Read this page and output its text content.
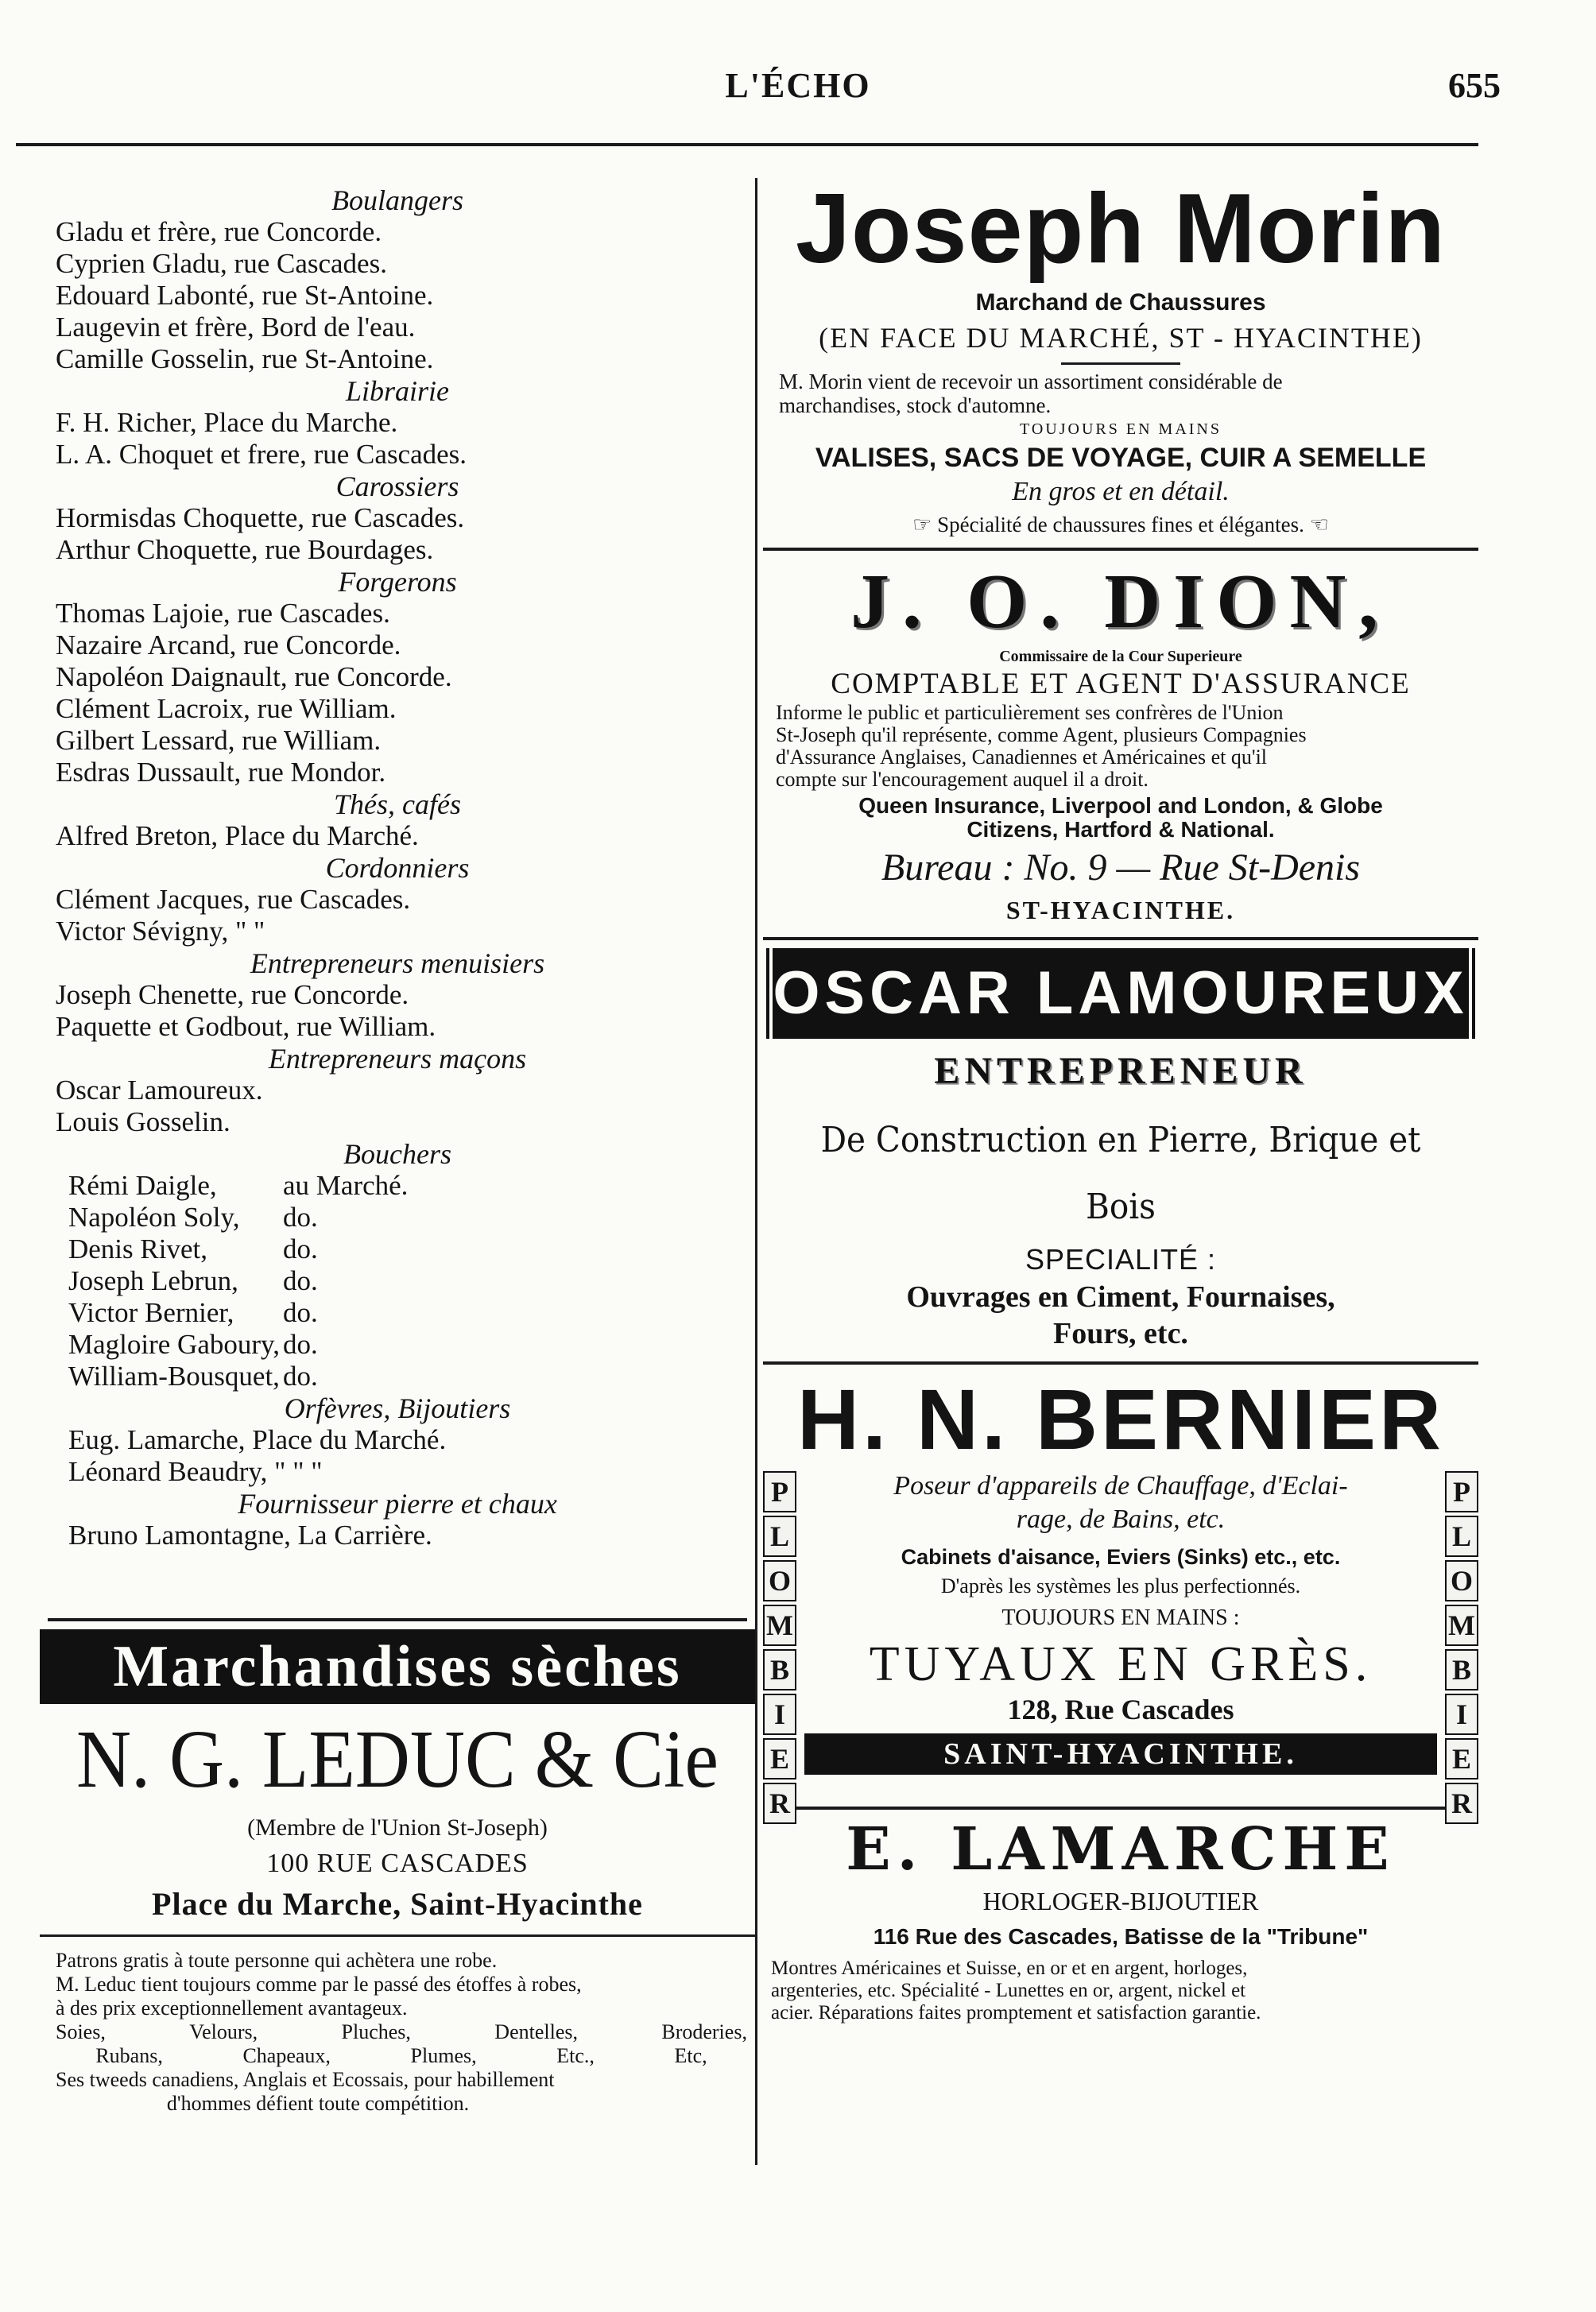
L'ÉCHO	655
Boulangers
Gladu et frère, rue Concorde.
Cyprien Gladu, rue Cascades.
Edouard Labonté, rue St-Antoine.
Laugevin et frère, Bord de l'eau.
Camille Gosselin, rue St-Antoine.
Librairie
F. H. Richer, Place du Marche.
L. A. Choquet et frere, rue Cascades.
Carossiers
Hormisdas Choquette, rue Cascades.
Arthur Choquette, rue Bourdages.
Forgerons
Thomas Lajoie, rue Cascades.
Nazaire Arcand, rue Concorde.
Napoléon Daignault, rue Concorde.
Clément Lacroix, rue William.
Gilbert Lessard, rue William.
Esdras Dussault, rue Mondor.
Thés, cafés
Alfred Breton, Place du Marché.
Cordonniers
Clément Jacques, rue Cascades.
Victor Sévigny, " "
Entrepreneurs menuisiers
Joseph Chenette, rue Concorde.
Paquette et Godbout, rue William.
Entrepreneurs maçons
Oscar Lamoureux.
Louis Gosselin.
Bouchers
Rémi Daigle, au Marché.
Napoléon Soly, do.
Denis Rivet,	do.
Joseph Lebrun, do.
Victor Bernier, do.
Magloire Gaboury, do.
William-Bousquet, do.
Orfèvres, Bijoutiers
Eug. Lamarche, Place du Marché.
Léonard Beaudry, " " "
Fournisseur pierre et chaux
Bruno Lamontagne, La Carrière.
Marchandises sèches
N. G. LEDUC & Cie
(Membre de l'Union St-Joseph)
100 RUE CASCADES
Place du Marche, Saint-Hyacinthe
Patrons gratis à toute personne qui achètera une robe.
M. Leduc tient toujours comme par le passé des étoffes à robes,
à des prix exceptionnellement avantageux.
Soies,	Velours,	Pluches,	Dentelles,	Broderies,
Rubans,	Chapeaux,	Plumes,	Etc.,	Etc,
Ses tweeds canadiens, Anglais et Ecossais, pour habillement
d'hommes défient toute compétition.
Joseph Morin
Marchand de Chaussures
(EN FACE DU MARCHÉ, ST - HYACINTHE)
M. Morin vient de recevoir un assortiment considérable de
marchandises, stock d'automne.
TOUJOURS EN MAINS
VALISES, SACS DE VOYAGE, CUIR A SEMELLE
En gros et en détail.
☞ Spécialité de chaussures fines et élégantes. ☜
J. O. DION,
Commissaire de la Cour Superieure
COMPTABLE ET AGENT D'ASSURANCE
Informe le public et particulièrement ses confrères de l'Union
St-Joseph qu'il représente, comme Agent, plusieurs Compagnies
d'Assurance Anglaises, Canadiennes et Américaines et qu'il
compte sur l'encouragement auquel il a droit.
Queen Insurance, Liverpool and London, & Globe
Citizens, Hartford & National.
Bureau : No. 9 — Rue St-Denis
ST-HYACINTHE.
OSCAR LAMOUREUX
ENTREPRENEUR
De Construction en Pierre, Brique et Bois
SPECIALITÉ :
Ouvrages en Ciment, Fournaises,
Fours, etc.
H. N. BERNIER
P
L
O
M
B
I
E
R
P
L
O
M
B
I
E
R
Poseur d'appareils de Chauffage, d'Eclai-
rage, de Bains, etc.
Cabinets d'aisance, Eviers (Sinks) etc., etc.
D'après les systèmes les plus perfectionnés.
TOUJOURS EN MAINS :
TUYAUX EN GRÈS.
128, Rue Cascades
SAINT-HYACINTHE.
E. LAMARCHE
HORLOGER-BIJOUTIER
116 Rue des Cascades, Batisse de la "Tribune"
Montres Américaines et Suisse, en or et en argent, horloges,
argenteries, etc. Spécialité - Lunettes en or, argent, nickel et
acier. Réparations faites promptement et satisfaction garantie.
